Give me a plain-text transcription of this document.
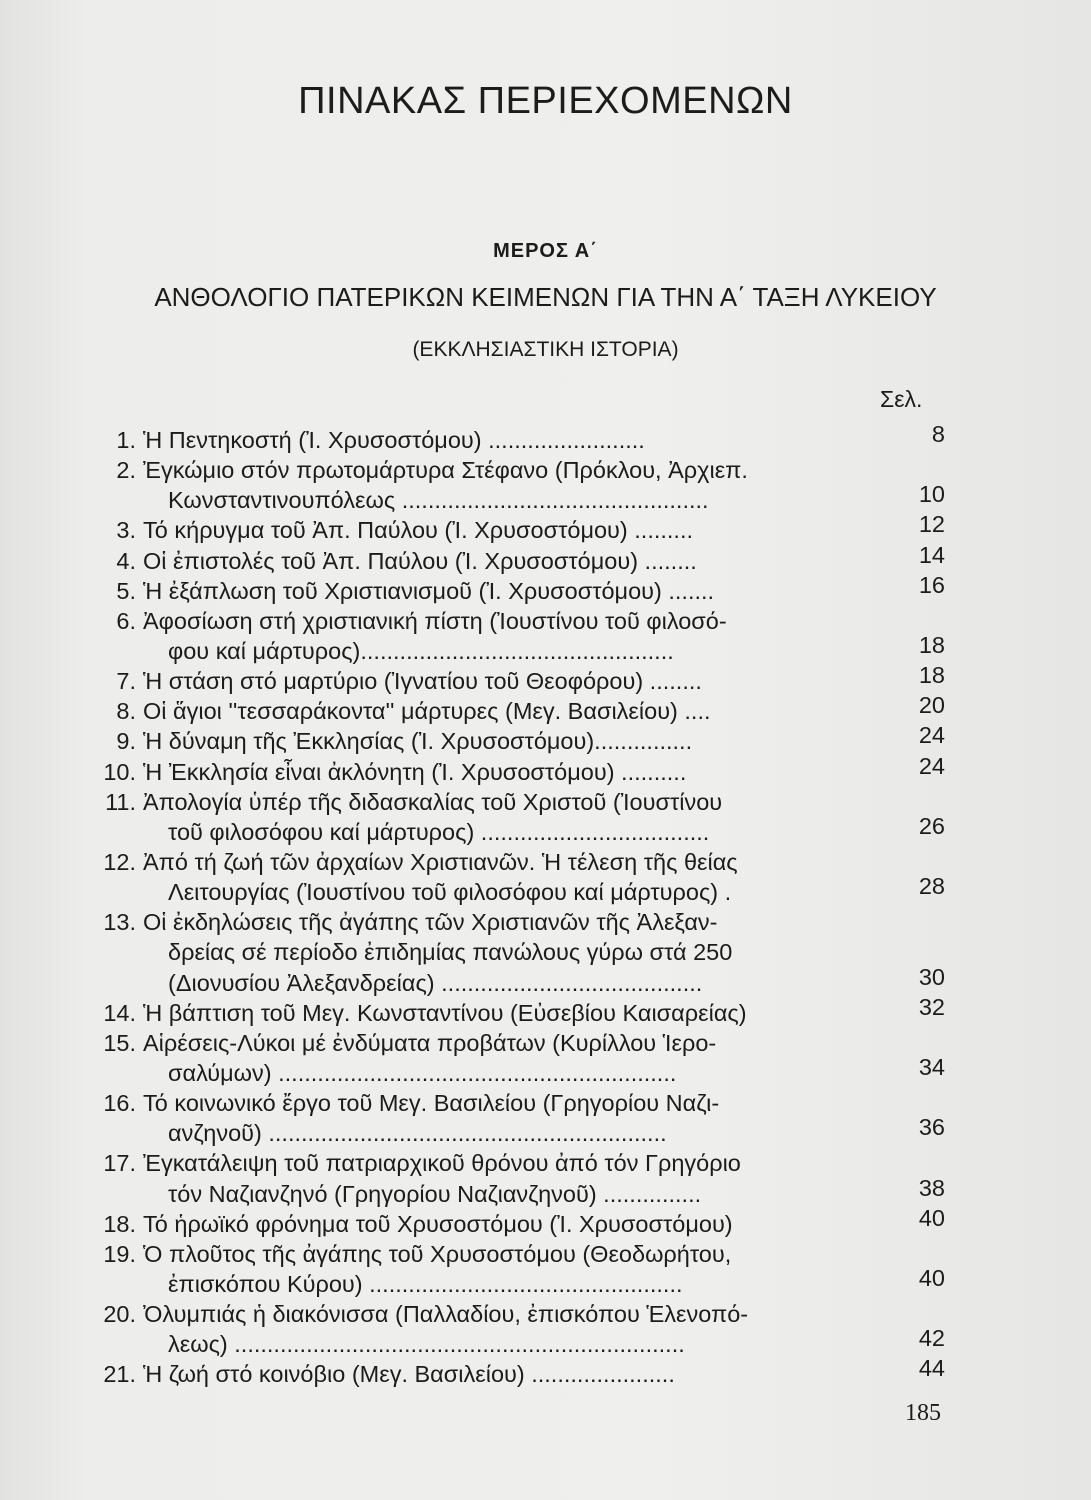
ΠΙΝΑΚΑΣ ΠΕΡΙΕΧΟΜΕΝΩΝ
ΜΕΡΟΣ Α΄
ΑΝΘΟΛΟΓΙΟ ΠΑΤΕΡΙΚΩΝ ΚΕΙΜΕΝΩΝ ΓΙΑ ΤΗΝ Α΄ ΤΑΞΗ ΛΥΚΕΙΟΥ
(ΕΚΚΛΗΣΙΑΣΤΙΚΗ ΙΣΤΟΡΙΑ)
Σελ.
1. Ἡ Πεντηκοστή (Ἰ. Χρυσοστόμου) ........................	8
2. Ἐγκώμιο στόν πρωτομάρτυρα Στέφανο (Πρόκλου, Ἀρχιεπ.
Κωνσταντινουπόλεως ...............................................	10
3. Τό κήρυγμα τοῦ Ἀπ. Παύλου (Ἰ. Χρυσοστόμου) .........	12
4. Οἱ ἐπιστολές τοῦ Ἀπ. Παύλου (Ἰ. Χρυσοστόμου) ........	14
5. Ἡ ἐξάπλωση τοῦ Χριστιανισμοῦ (Ἰ. Χρυσοστόμου) .......	16
6. Ἀφοσίωση στή χριστιανική πίστη (Ἰουστίνου τοῦ φιλοσό-
φου καί μάρτυρος)................................................	18
7. Ἡ στάση στό μαρτύριο (Ἰγνατίου τοῦ Θεοφόρου) ........	18
8. Οἱ ἅγιοι ''τεσσαράκοντα'' μάρτυρες (Μεγ. Βασιλείου) ....	20
9. Ἡ δύναμη τῆς Ἐκκλησίας (Ἰ. Χρυσοστόμου)...............	24
10. Ἡ Ἐκκλησία εἶναι ἀκλόνητη (Ἰ. Χρυσοστόμου) ..........	24
11. Ἀπολογία ὑπέρ τῆς διδασκαλίας τοῦ Χριστοῦ (Ἰουστίνου
τοῦ φιλοσόφου καί μάρτυρος) ...................................	26
12. Ἀπό τή ζωή τῶν ἀρχαίων Χριστιανῶν. Ἡ τέλεση τῆς θείας
Λειτουργίας (Ἰουστίνου τοῦ φιλοσόφου καί μάρτυρος) .	28
13. Οἱ ἐκδηλώσεις τῆς ἀγάπης τῶν Χριστιανῶν τῆς Ἀλεξαν-
δρείας σέ περίοδο ἐπιδημίας πανώλους γύρω στά 250
(Διονυσίου Ἀλεξανδρείας) ........................................	30
14. Ἡ βάπτιση τοῦ Μεγ. Κωνσταντίνου (Εὐσεβίου Καισαρείας)	32
15. Αἱρέσεις-Λύκοι μέ ἐνδύματα προβάτων (Κυρίλλου Ἱερο-
σαλύμων) .............................................................	34
16. Τό κοινωνικό ἔργο τοῦ Μεγ. Βασιλείου (Γρηγορίου Ναζι-
ανζηνοῦ) .............................................................	36
17. Ἐγκατάλειψη τοῦ πατριαρχικοῦ θρόνου ἀπό τόν Γρηγόριο
τόν Ναζιανζηνό (Γρηγορίου Ναζιανζηνοῦ) ...............	38
18. Τό ἡρωϊκό φρόνημα τοῦ Χρυσοστόμου (Ἰ. Χρυσοστόμου)	40
19. Ὁ πλοῦτος τῆς ἀγάπης τοῦ Χρυσοστόμου (Θεοδωρήτου,
ἐπισκόπου Κύρου) ................................................	40
20. Ὀλυμπιάς ἡ διακόνισσα (Παλλαδίου, ἐπισκόπου Ἑλενοπό-
λεως) .....................................................................	42
21. Ἡ ζωή στό κοινόβιο (Μεγ. Βασιλείου) ......................	44
185
